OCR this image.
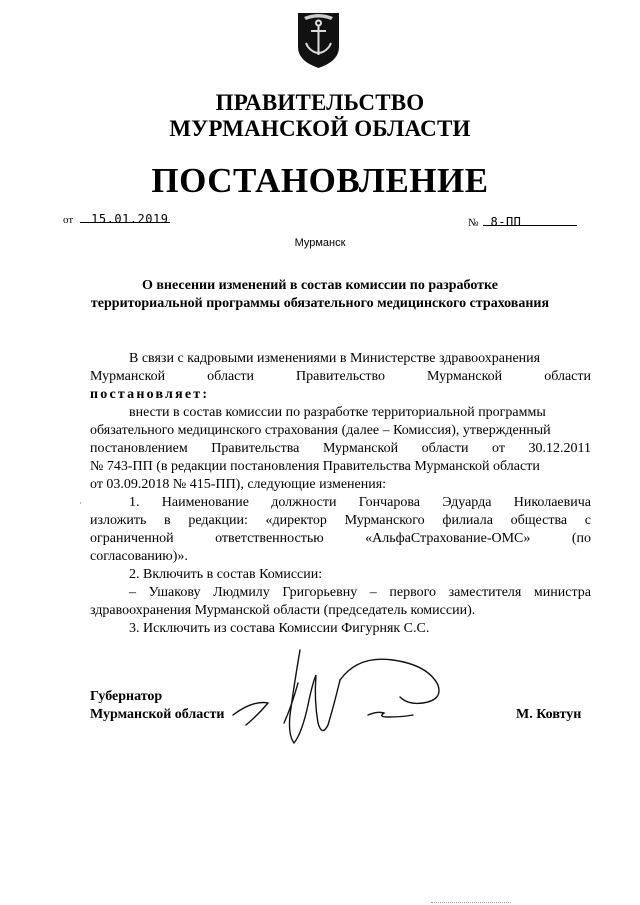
ПРАВИТЕЛЬСТВО
МУРМАНСКОЙ ОБЛАСТИ
ПОСТАНОВЛЕНИЕ
от 15.01.2019	№ 8-ПП
Мурманск
О внесении изменений в состав комиссии по разработке
территориальной программы обязательного медицинского страхования
В связи с кадровыми изменениями в Министерстве здравоохранения
Мурманской области Правительство Мурманской области
постановляет:
внести в состав комиссии по разработке территориальной программы
обязательного медицинского страхования (далее – Комиссия), утвержденный
постановлением Правительства Мурманской области от 30.12.2011
№ 743-ПП (в редакции постановления Правительства Мурманской области
от 03.09.2018 № 415-ПП), следующие изменения:
1. Наименование должности Гончарова Эдуарда Николаевича
изложить в редакции: «директор Мурманского филиала общества с
ограниченной ответственностью «АльфаСтрахование-ОМС» (по
согласованию)».
2. Включить в состав Комиссии:
– Ушакову Людмилу Григорьевну – первого заместителя министра
здравоохранения Мурманской области (председатель комиссии).
3. Исключить из состава Комиссии Фигурняк С.С.
·
Губернатор
Мурманской области	М. Ковтун
